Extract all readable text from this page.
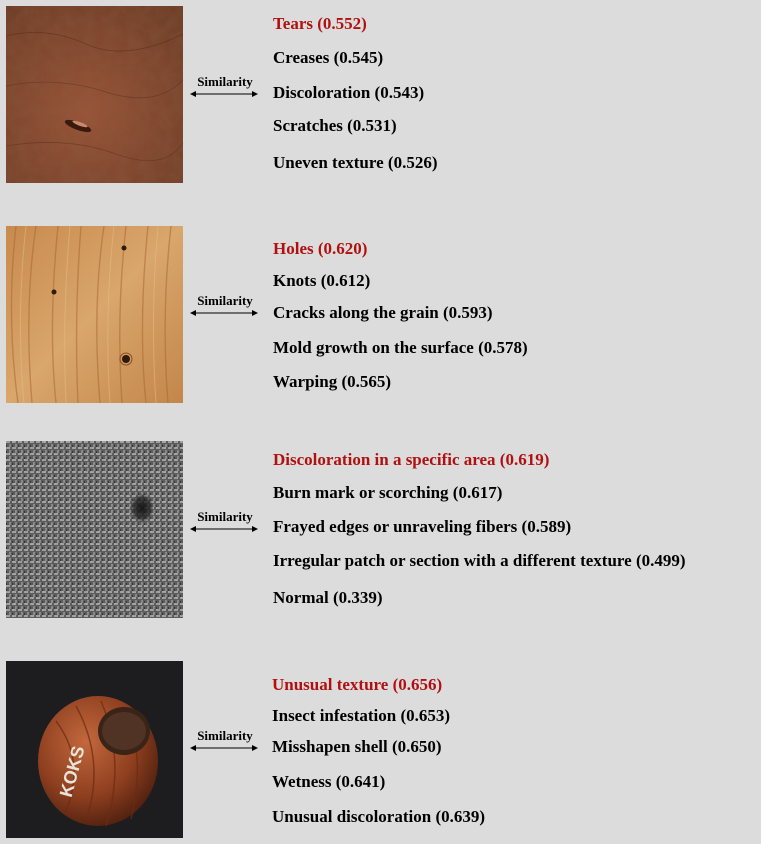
Similarity
Tears (0.552)
Creases (0.545)
Discoloration (0.543)
Scratches (0.531)
Uneven texture (0.526)
Similarity
Holes (0.620)
Knots (0.612)
Cracks along the grain (0.593)
Mold growth on the surface (0.578)
Warping (0.565)
Similarity
Discoloration in a specific area (0.619)
Burn mark or scorching (0.617)
Frayed edges or unraveling fibers (0.589)
Irregular patch or section with a different texture (0.499)
Normal (0.339)
KOKS
Similarity
Unusual texture (0.656)
Insect infestation (0.653)
Misshapen shell (0.650)
Wetness (0.641)
Unusual discoloration (0.639)
